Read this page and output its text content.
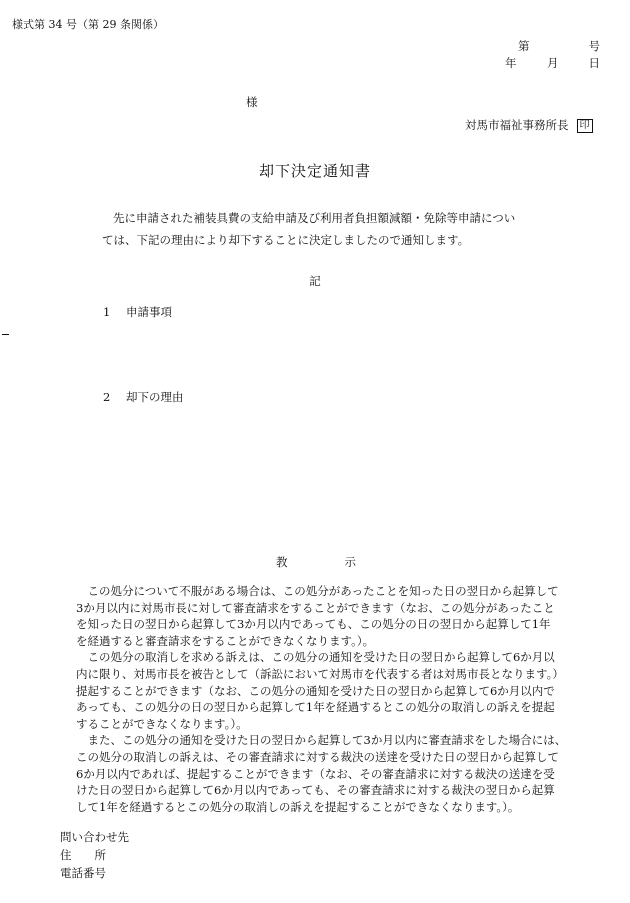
様式第 34 号（第 29 条関係）
第	号
年	月	日
様
対馬市福祉事務所長 印
却下決定通知書

先に申請された補装具費の支給申請及び利用者負担額減額・免除等申請につい

ては、下記の理由により却下することに決定しましたので通知します。

記
1 申請事項
2 却下の理由
教	示

　この処分について不服がある場合は、この処分があったことを知った日の翌日から起算して

3か月以内に対馬市長に対して審査請求をすることができます（なお、この処分があったこと

を知った日の翌日から起算して3か月以内であっても、この処分の日の翌日から起算して1年

を経過すると審査請求をすることができなくなります。）。

　この処分の取消しを求める訴えは、この処分の通知を受けた日の翌日から起算して6か月以

内に限り、対馬市長を被告として（訴訟において対馬市を代表する者は対馬市長となります。）

提起することができます（なお、この処分の通知を受けた日の翌日から起算して6か月以内で

あっても、この処分の日の翌日から起算して1年を経過するとこの処分の取消しの訴えを提起

することができなくなります。）。

　また、この処分の通知を受けた日の翌日から起算して3か月以内に審査請求をした場合には、

この処分の取消しの訴えは、その審査請求に対する裁決の送達を受けた日の翌日から起算して

6か月以内であれば、提起することができます（なお、その審査請求に対する裁決の送達を受

けた日の翌日から起算して6か月以内であっても、その審査請求に対する裁決の翌日から起算

して1年を経過するとこの処分の取消しの訴えを提起することができなくなります。）。

問い合わせ先
住　　所
電話番号
